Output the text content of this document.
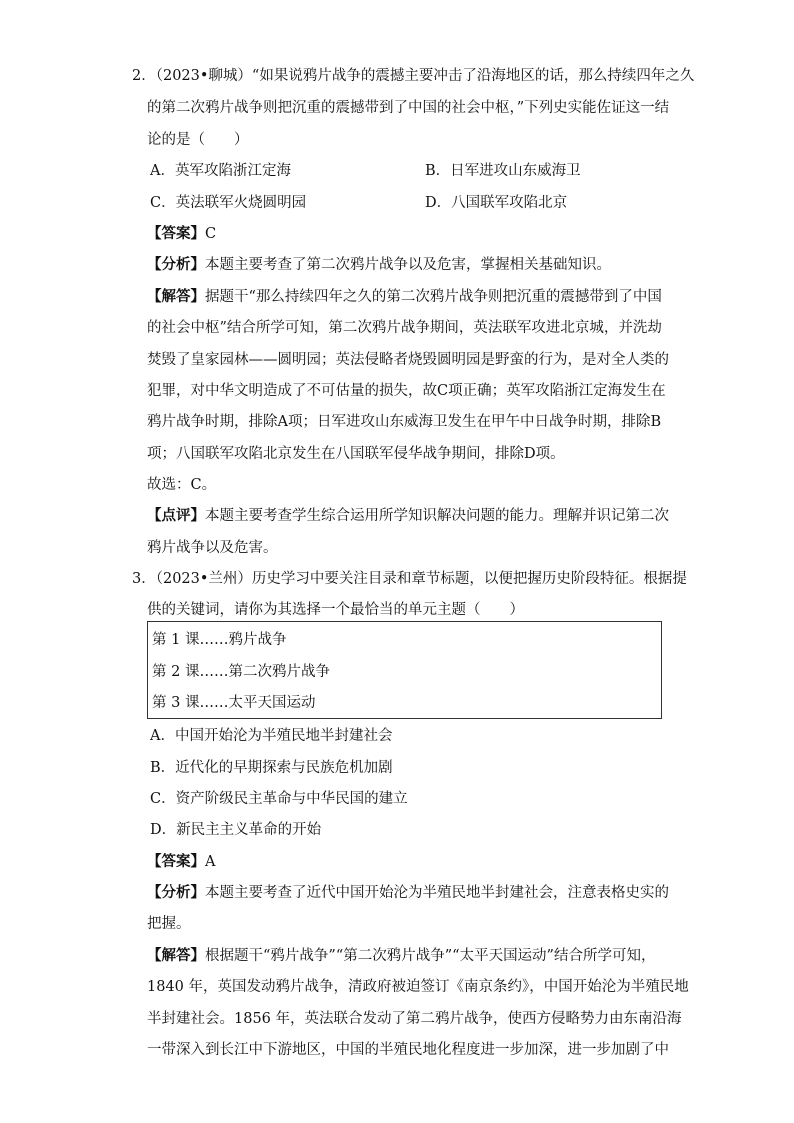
2．（2023•聊城）“如果说鸦片战争的震撼主要冲击了沿海地区的话，那么持续四年之久
的第二次鸦片战争则把沉重的震撼带到了中国的社会中枢，”下列史实能佐证这一结
论的是（　　）
A．英军攻陷浙江定海	B．日军进攻山东威海卫
C．英法联军火烧圆明园	D．八国联军攻陷北京
【答案】C
【分析】本题主要考查了第二次鸦片战争以及危害，掌握相关基础知识。
【解答】据题干“那么持续四年之久的第二次鸦片战争则把沉重的震撼带到了中国
的社会中枢”结合所学可知，第二次鸦片战争期间，英法联军攻进北京城，并洗劫
焚毁了皇家园林——圆明园；英法侵略者烧毁圆明园是野蛮的行为，是对全人类的
犯罪，对中华文明造成了不可估量的损失，故C项正确；英军攻陷浙江定海发生在
鸦片战争时期，排除A项；日军进攻山东威海卫发生在甲午中日战争时期，排除B
项；八国联军攻陷北京发生在八国联军侵华战争期间，排除D项。
故选：C。
【点评】本题主要考查学生综合运用所学知识解决问题的能力。理解并识记第二次
鸦片战争以及危害。
3．（2023•兰州）历史学习中要关注目录和章节标题，以便把握历史阶段特征。根据提
供的关键词，请你为其选择一个最恰当的单元主题（　　）
第 1 课……鸦片战争
第 2 课……第二次鸦片战争
第 3 课……太平天国运动
A．中国开始沦为半殖民地半封建社会
B．近代化的早期探索与民族危机加剧
C．资产阶级民主革命与中华民国的建立
D．新民主主义革命的开始
【答案】A
【分析】本题主要考查了近代中国开始沦为半殖民地半封建社会，注意表格史实的
把握。
【解答】根据题干“鸦片战争”“第二次鸦片战争”“太平天国运动”结合所学可知，
1840 年，英国发动鸦片战争，清政府被迫签订《南京条约》，中国开始沦为半殖民地
半封建社会。1856 年，英法联合发动了第二鸦片战争，使西方侵略势力由东南沿海
一带深入到长江中下游地区，中国的半殖民地化程度进一步加深，进一步加剧了中
